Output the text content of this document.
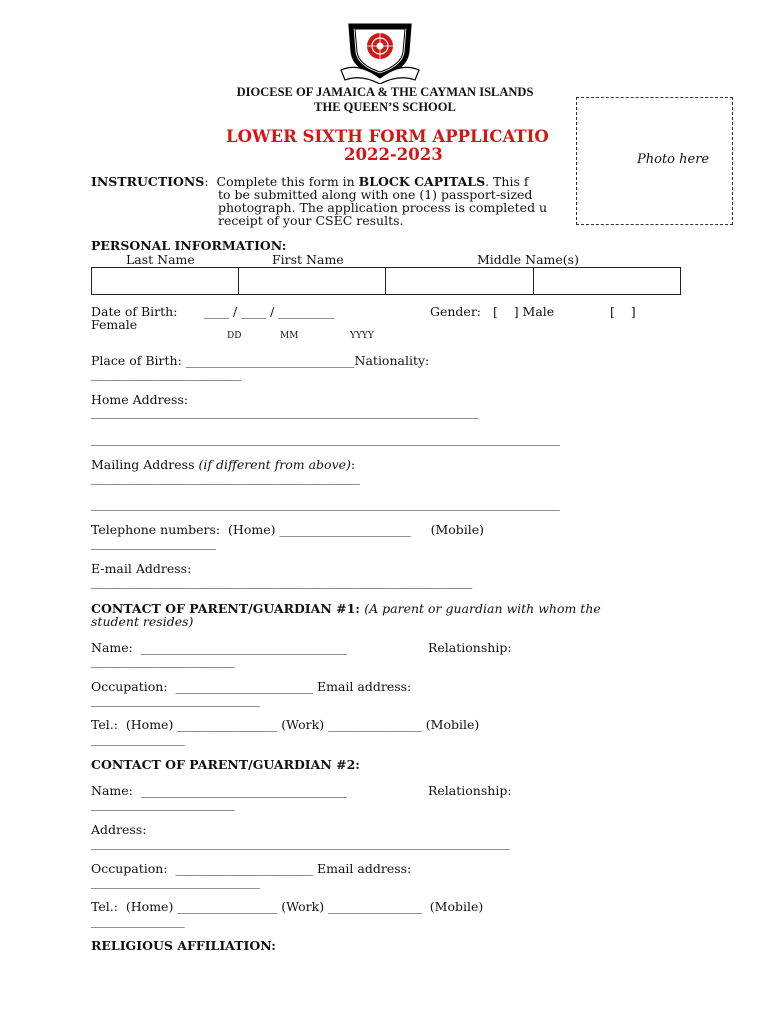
DIOCESE OF JAMAICA & THE CAYMAN ISLANDS
THE QUEEN’S SCHOOL
LOWER SIXTH FORM APPLICATIO
2022-2023
INSTRUCTIONS:  Complete this form in BLOCK CAPITALS. This f
to be submitted along with one (1) passport-sized
photograph. The application process is completed u
receipt of your CSEC results.
Photo here
PERSONAL INFORMATION:
Last Name	First Name	Middle Name(s)
Date of Birth: ____ / ____ / _________	Gender:   [    ] Male	[    ]
Female
DD	MM	YYYY
Place of Birth: ___________________________Nationality:
________________________
Home Address:
______________________________________________________________
___________________________________________________________________________
Mailing Address (if different from above):
___________________________________________
___________________________________________________________________________
Telephone numbers:  (Home) _____________________     (Mobile)
____________________
E-mail Address:
_____________________________________________________________
CONTACT OF PARENT/GUARDIAN #1: (A parent or guardian with whom the
student resides)
Name:  _________________________________	Relationship:
_______________________
Occupation:  ______________________ Email address:
___________________________
Tel.:  (Home) ________________ (Work) _______________ (Mobile)
_______________
CONTACT OF PARENT/GUARDIAN #2:
Name:  _________________________________	Relationship:
_______________________
Address:
___________________________________________________________________
Occupation:  ______________________ Email address:
___________________________
Tel.:  (Home) ________________ (Work) _______________  (Mobile)
_______________
RELIGIOUS AFFILIATION:
